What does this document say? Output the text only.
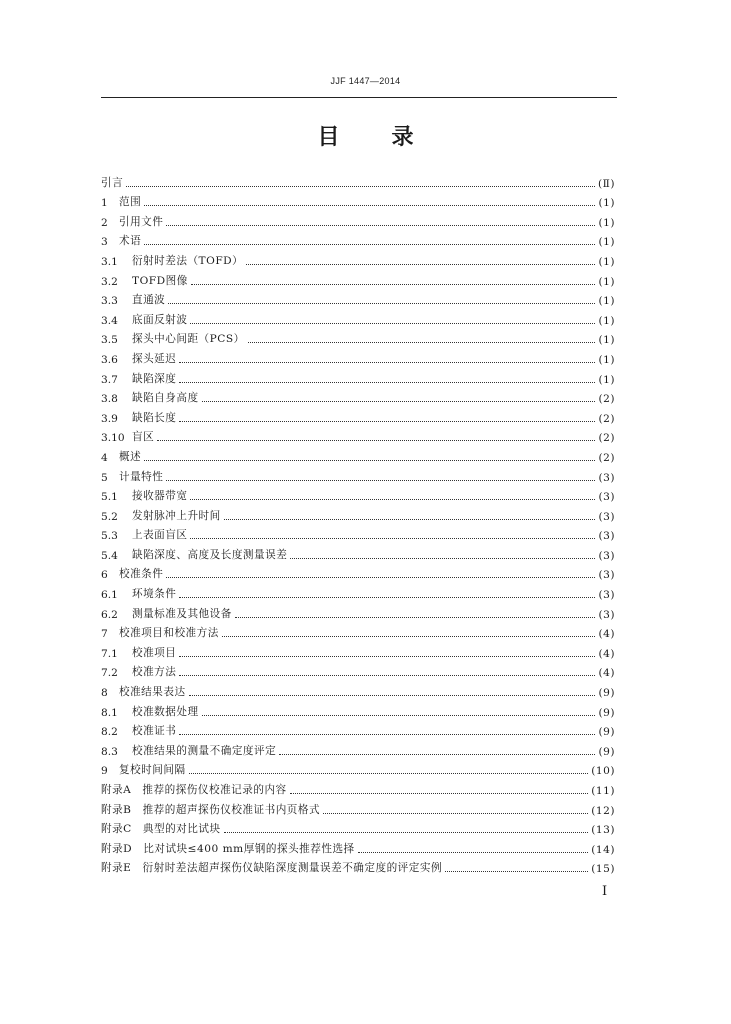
JJF 1447—2014
目 录
引言	(Ⅱ)
1	范围	(1)
2	引用文件	(1)
3	术语	(1)
3.1	衍射时差法（TOFD）	(1)
3.2	TOFD图像	(1)
3.3	直通波	(1)
3.4	底面反射波	(1)
3.5	探头中心间距（PCS）	(1)
3.6	探头延迟	(1)
3.7	缺陷深度	(1)
3.8	缺陷自身高度	(2)
3.9	缺陷长度	(2)
3.10 盲区	(2)
4	概述	(2)
5	计量特性	(3)
5.1	接收器带宽	(3)
5.2	发射脉冲上升时间	(3)
5.3	上表面盲区	(3)
5.4	缺陷深度、高度及长度测量误差	(3)
6	校准条件	(3)
6.1	环境条件	(3)
6.2	测量标准及其他设备	(3)
7	校准项目和校准方法	(4)
7.1	校准项目	(4)
7.2	校准方法	(4)
8	校准结果表达	(9)
8.1	校准数据处理	(9)
8.2	校准证书	(9)
8.3	校准结果的测量不确定度评定	(9)
9	复校时间间隔	(10)
附录A　推荐的探伤仪校准记录的内容	(11)
附录B　推荐的超声探伤仪校准证书内页格式	(12)
附录C　典型的对比试块	(13)
附录D　比对试块≤400 mm厚钢的探头推荐性选择	(14)
附录E　衍射时差法超声探伤仪缺陷深度测量误差不确定度的评定实例	(15)
I
